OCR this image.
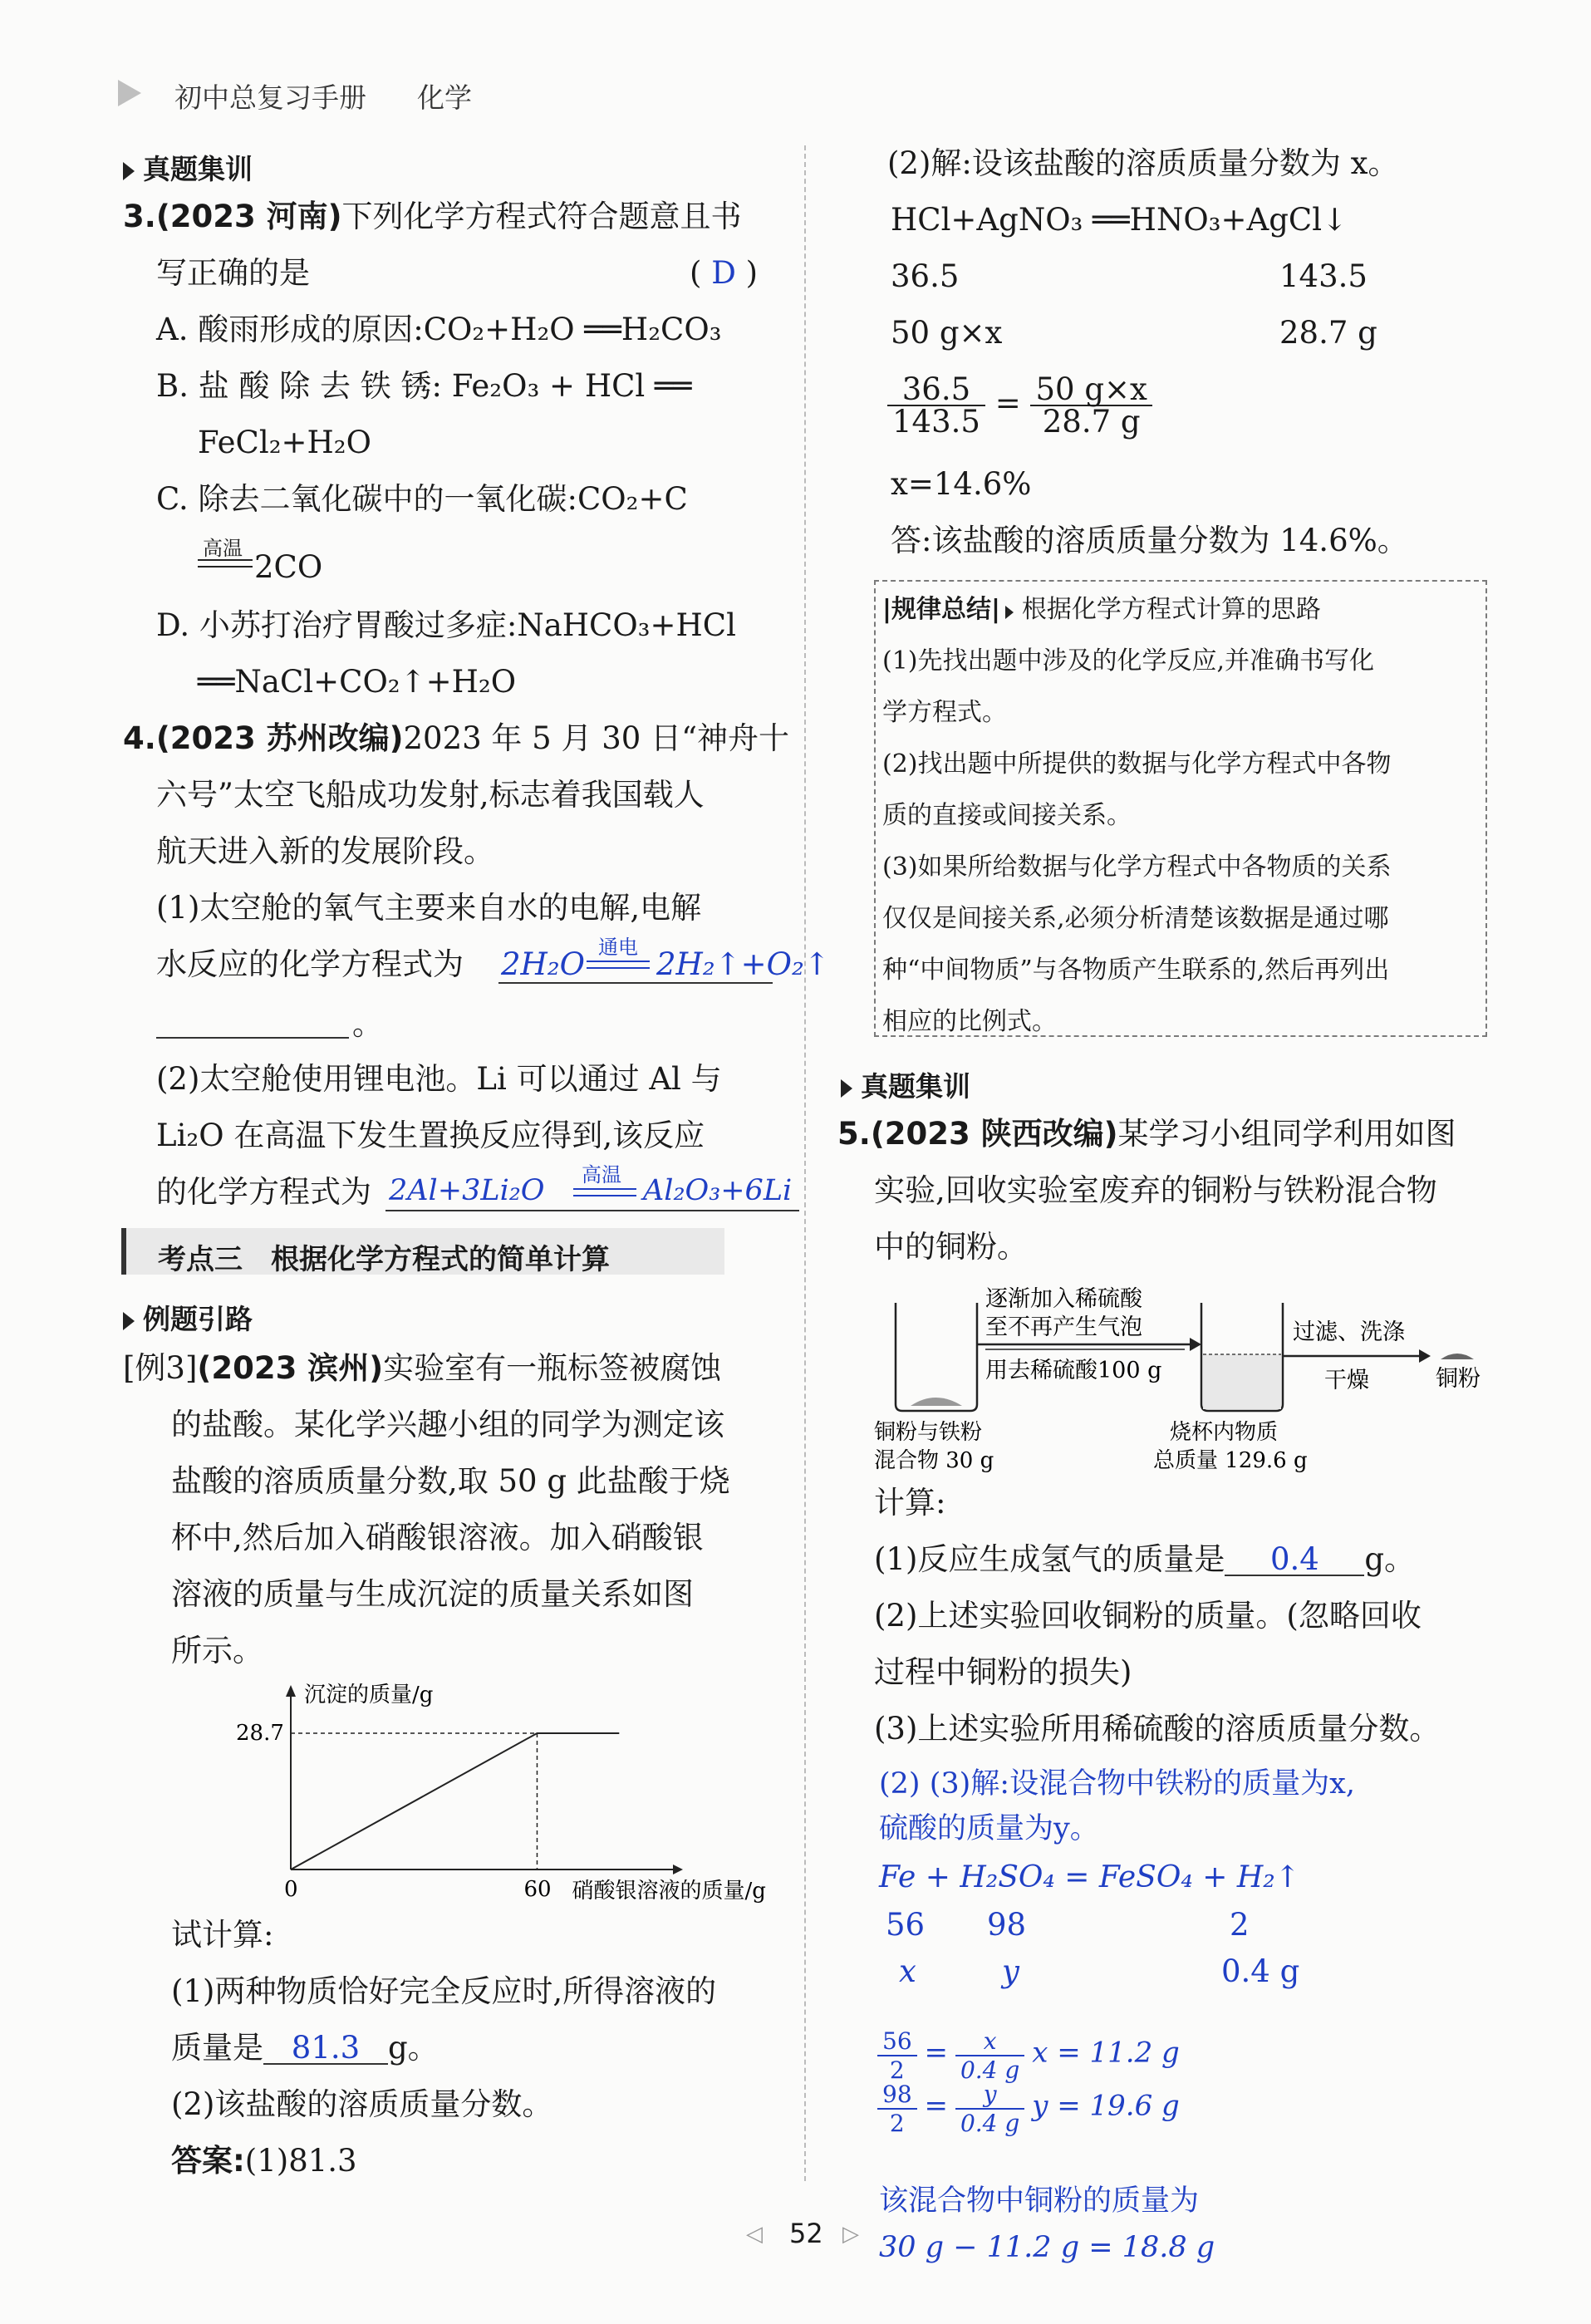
初中总复习手册 化学
真题集训
3.(2023 河南)下列化学方程式符合题意且书
写正确的是	( D )
A. 酸雨形成的原因:CO₂+H₂O ══H₂CO₃
B. 盐 酸 除 去 铁 锈: Fe₂O₃ + HCl ══
FeCl₂+H₂O
C. 除去二氧化碳中的一氧化碳:CO₂+C
高温
2CO
D. 小苏打治疗胃酸过多症:NaHCO₃+HCl
══NaCl+CO₂↑+H₂O
4.(2023 苏州改编)2023 年 5 月 30 日“神舟十
六号”太空飞船成功发射,标志着我国载人
航天进入新的发展阶段。
(1)太空舱的氧气主要来自水的电解,电解
水反应的化学方程式为 2H₂O 通电 2H₂↑+O₂↑
。
(2)太空舱使用锂电池。Li 可以通过 Al 与
Li₂O 在高温下发生置换反应得到,该反应
的化学方程式为 2Al+3Li₂O 高温 Al₂O₃+6Li
考点三 根据化学方程式的简单计算
例题引路
[例3](2023 滨州)实验室有一瓶标签被腐蚀
的盐酸。某化学兴趣小组的同学为测定该
盐酸的溶质质量分数,取 50 g 此盐酸于烧
杯中,然后加入硝酸银溶液。加入硝酸银
溶液的质量与生成沉淀的质量关系如图
所示。
沉淀的质量/g
硝酸银溶液的质量/g
0	60
28.7
试计算:
(1)两种物质恰好完全反应时,所得溶液的
质量是 81.3 g。
(2)该盐酸的溶质质量分数。
答案:(1)81.3
(2)解:设该盐酸的溶质质量分数为 x。
HCl+AgNO₃ ══HNO₃+AgCl↓
36.5	143.5
50 g×x	28.7 g
$\frac{36.5}{143.5} = \frac{50 g\times x}{28.7 g}$
x=14.6%
答:该盐酸的溶质质量分数为 14.6%。
|规律总结| 根据化学方程式计算的思路
(1)先找出题中涉及的化学反应,并准确书写化
学方程式。
(2)找出题中所提供的数据与化学方程式中各物
质的直接或间接关系。
(3)如果所给数据与化学方程式中各物质的关系
仅仅是间接关系,必须分析清楚该数据是通过哪
种“中间物质”与各物质产生联系的,然后再列出
相应的比例式。
真题集训
5.(2023 陕西改编)某学习小组同学利用如图
实验,回收实验室废弃的铜粉与铁粉混合物
中的铜粉。
逐渐加入稀硫酸
至不再产生气泡
用去稀硫酸100 g
过滤、洗涤
干燥	铜粉
铜粉与铁粉
混合物 30 g
烧杯内物质
总质量 129.6 g
计算:
(1)反应生成氢气的质量是 0.4 g。
(2)上述实验回收铜粉的质量。(忽略回收
过程中铜粉的损失)
(3)上述实验所用稀硫酸的溶质质量分数。
(2) (3)解:设混合物中铁粉的质量为x,
硫酸的质量为y。
Fe + H₂SO₄ = FeSO₄ + H₂↑
56 98	2
x	y	0.4 g
$\frac{56}{2} = \frac{x}{0.4 g}$ x = 11.2 g
$\frac{98}{2} = \frac{y}{0.4 g}$ y = 19.6 g
该混合物中铜粉的质量为
30 g − 11.2 g = 18.8 g
◁ 52 ▷
